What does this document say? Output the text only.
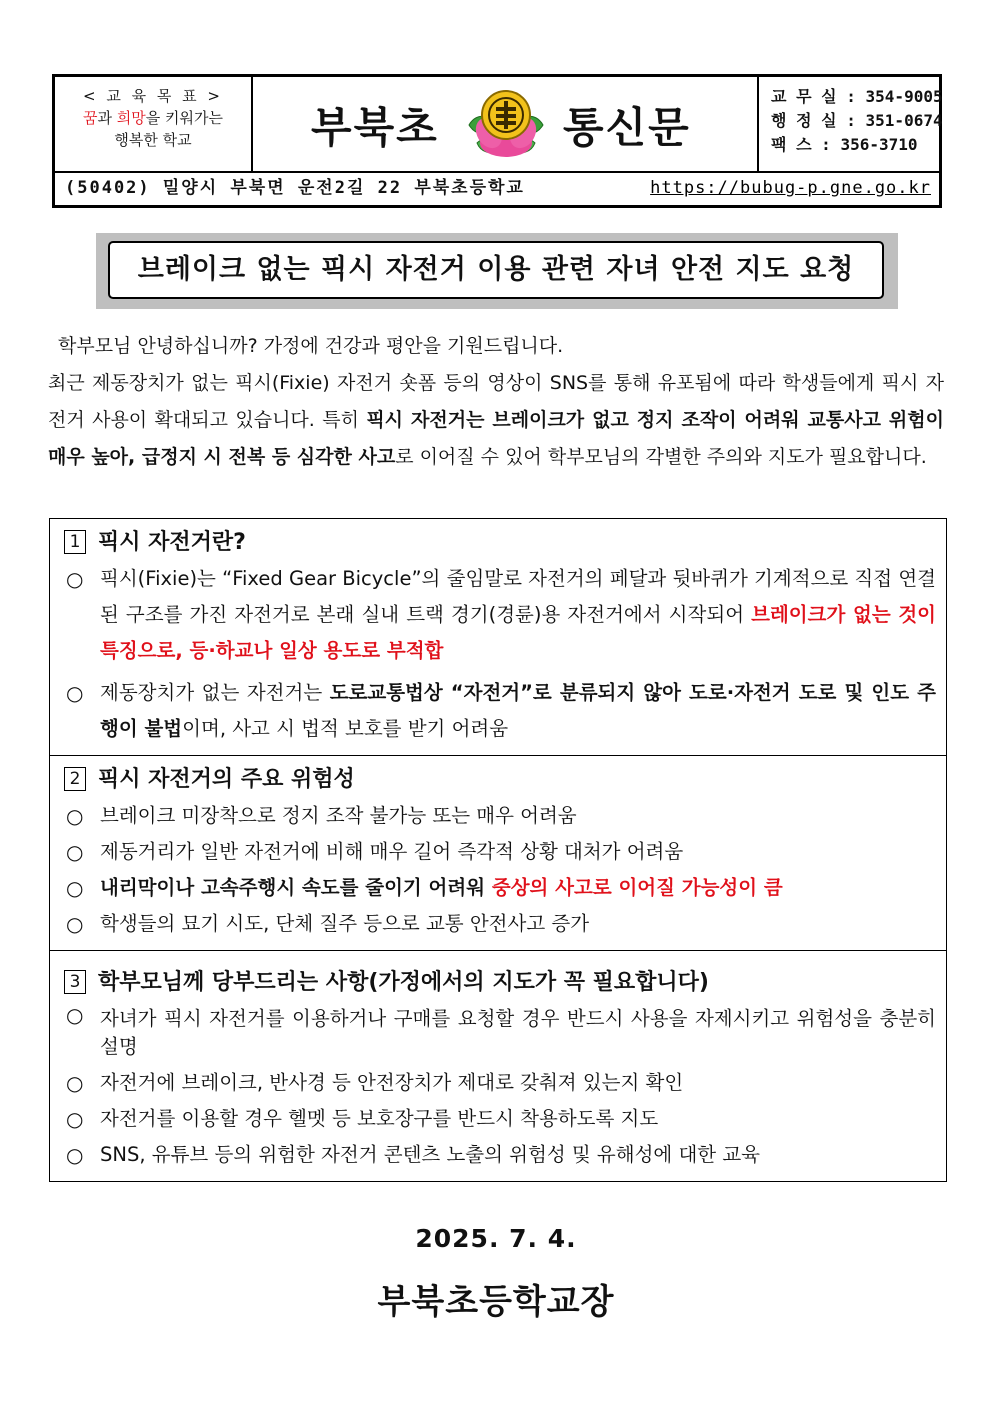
< 교 육 목 표 >
꿈과 희망을 키워가는
행복한 학교	부북초	통신문
교 무 실 : 354-9005
행 정 실 : 351-0674
팩 스 : 356-3710
(50402) 밀양시 부북면 운전2길 22 부북초등학교	https://bubug-p.gne.go.kr
브레이크 없는 픽시 자전거 이용 관련 자녀 안전 지도 요청

학부모님 안녕하십니까? 가정에 건강과 평안을 기원드립니다.

최근 제동장치가 없는 픽시(Fixie) 자전거 숏폼 등의 영상이 SNS를 통해 유포됨에 따라 학생들에게 픽시 자전거 사용이 확대되고 있습니다. 특히 픽시 자전거는 브레이크가 없고 정지 조작이 어려워 교통사고 위험이 매우 높아, 급정지 시 전복 등 심각한 사고로 이어질 수 있어 학부모님의 각별한 주의와 지도가 필요합니다.

1 픽시 자전거란?
○ 픽시(Fixie)는 “Fixed Gear Bicycle”의 줄임말로 자전거의 페달과 뒷바퀴가 기계적으로 직접 연결된 구조를 가진 자전거로 본래 실내 트랙 경기(경륜)용 자전거에서 시작되어 브레이크가 없는 것이 특징으로, 등·하교나 일상 용도로 부적합
○ 제동장치가 없는 자전거는 도로교통법상 “자전거”로 분류되지 않아 도로·자전거 도로 및 인도 주행이 불법이며, 사고 시 법적 보호를 받기 어려움
2 픽시 자전거의 주요 위험성
○ 브레이크 미장착으로 정지 조작 불가능 또는 매우 어려움
○ 제동거리가 일반 자전거에 비해 매우 길어 즉각적 상황 대처가 어려움
○ 내리막이나 고속주행시 속도를 줄이기 어려워 중상의 사고로 이어질 가능성이 큼
○ 학생들의 묘기 시도, 단체 질주 등으로 교통 안전사고 증가
3 학부모님께 당부드리는 사항(가정에서의 지도가 꼭 필요합니다)
○ 자녀가 픽시 자전거를 이용하거나 구매를 요청할 경우 반드시 사용을 자제시키고 위험성을 충분히 설명
○ 자전거에 브레이크, 반사경 등 안전장치가 제대로 갖춰져 있는지 확인
○ 자전거를 이용할 경우 헬멧 등 보호장구를 반드시 착용하도록 지도
○ SNS, 유튜브 등의 위험한 자전거 콘텐츠 노출의 위험성 및 유해성에 대한 교육
2025. 7. 4.
부북초등학교장
